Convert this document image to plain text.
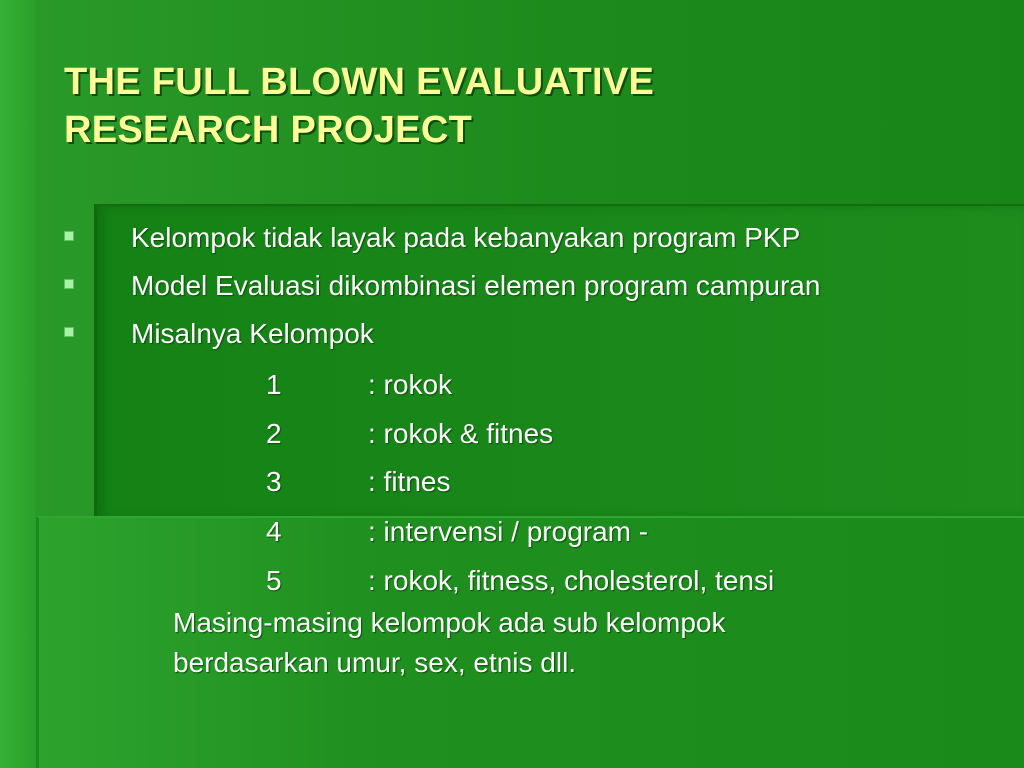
THE FULL BLOWN EVALUATIVE
RESEARCH PROJECT
Kelompok tidak layak pada kebanyakan program PKP
Model Evaluasi dikombinasi elemen program campuran
Misalnya Kelompok
1	: rokok
2	: rokok & fitnes
3	: fitnes
4	: intervensi / program -
5	: rokok, fitness, cholesterol, tensi
Masing-masing kelompok ada sub kelompok
berdasarkan umur, sex, etnis dll.
